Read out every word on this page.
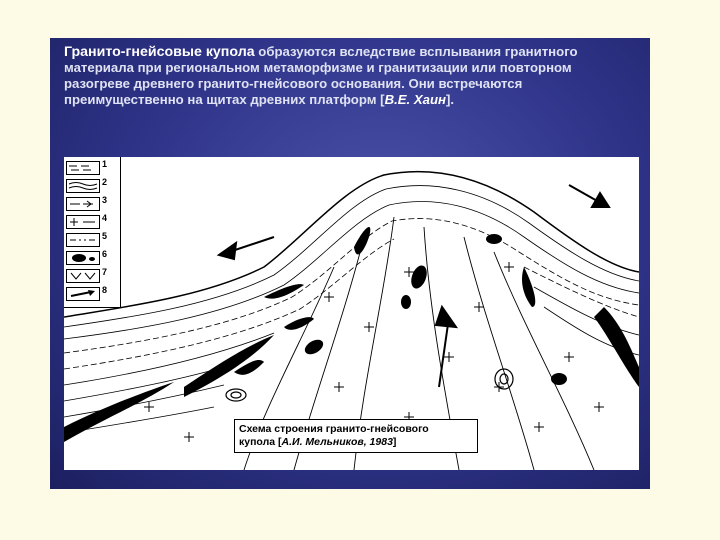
Гранито-гнейсовые купола образуются вследствие всплывания гранитного материала при региональном метаморфизме и гранитизации или повторном разогреве древнего гранито-гнейсового основания. Они встречаются преимущественно на щитах древних платформ [В.Е. Хаин].
1
2
3
4
5
6
7
8
Схема строения гранито-гнейсового
купола [А.И. Мельников, 1983]
